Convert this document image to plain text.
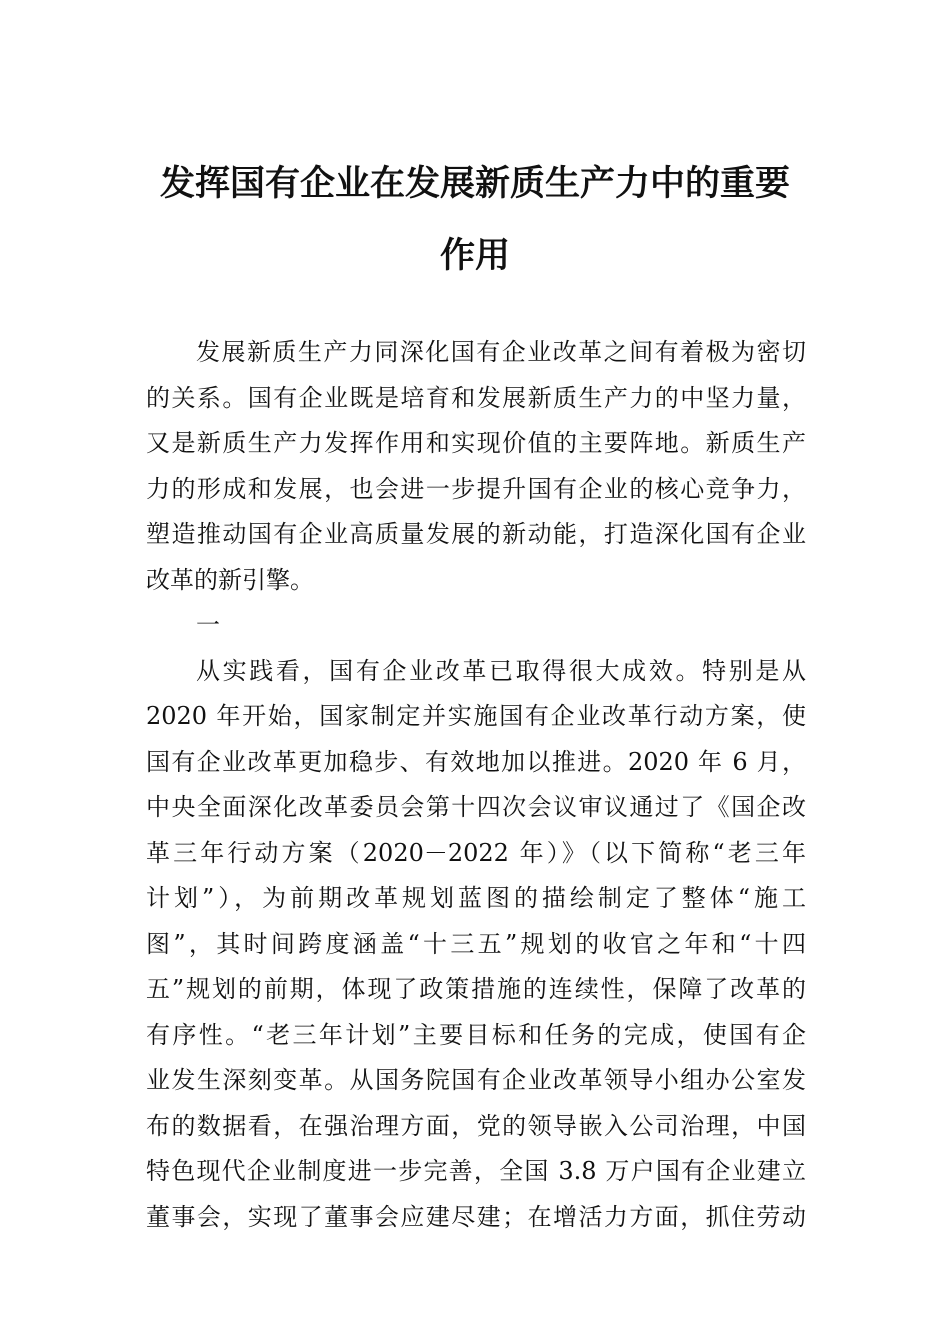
发挥国有企业在发展新质生产力中的重要
作用
发展新质生产力同深化国有企业改革之间有着极为密切
的关系。国有企业既是培育和发展新质生产力的中坚力量，
又是新质生产力发挥作用和实现价值的主要阵地。新质生产
力的形成和发展，也会进一步提升国有企业的核心竞争力，
塑造推动国有企业高质量发展的新动能，打造深化国有企业
改革的新引擎。
一
从实践看，国有企业改革已取得很大成效。特别是从
2020 年开始，国家制定并实施国有企业改革行动方案，使
国有企业改革更加稳步、有效地加以推进。2020 年 6 月，
中央全面深化改革委员会第十四次会议审议通过了《国企改
革三年行动方案（2020－2022 年）》（以下简称“老三年
计划”），为前期改革规划蓝图的描绘制定了整体“施工
图”，其时间跨度涵盖“十三五”规划的收官之年和“十四
五”规划的前期，体现了政策措施的连续性，保障了改革的
有序性。“老三年计划”主要目标和任务的完成，使国有企
业发生深刻变革。从国务院国有企业改革领导小组办公室发
布的数据看，在强治理方面，党的领导嵌入公司治理，中国
特色现代企业制度进一步完善，全国 3.8 万户国有企业建立
董事会，实现了董事会应建尽建；在增活力方面，抓住劳动
